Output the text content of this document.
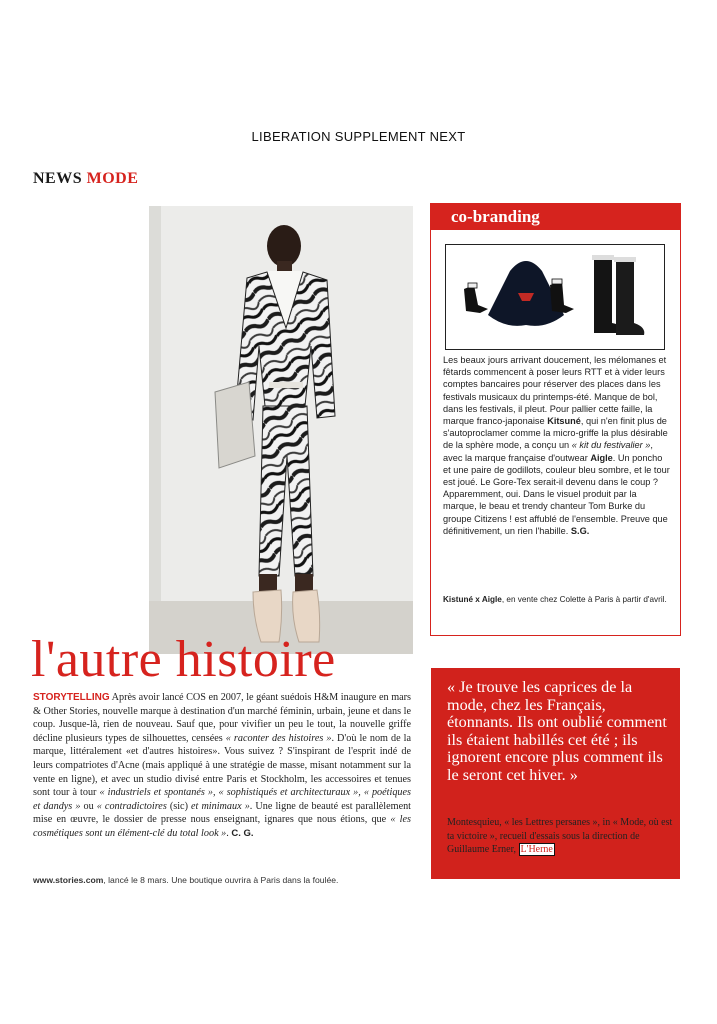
LIBERATION SUPPLEMENT NEXT
NEWS MODE
l'autre histoire

STORYTELLING Après avoir lancé COS en 2007, le géant suédois H&M inaugure en mars & Other Stories, nouvelle marque à destination d'un marché féminin, urbain, jeune et dans le coup. Jusque-là, rien de nouveau. Sauf que, pour vivifier un peu le tout, la nouvelle griffe décline plusieurs types de silhouettes, censées « raconter des histoires ». D'où le nom de la marque, littéralement «et d'autres histoires». Vous suivez ? S'inspirant de l'esprit indé de leurs compatriotes d'Acne (mais appliqué à une stratégie de masse, misant notamment sur la vente en ligne), et avec un studio divisé entre Paris et Stockholm, les accessoires et tenues sont tour à tour « industriels et spontanés », « sophistiqués et architecturaux », « poétiques et dandys » ou « contradictoires (sic) et minimaux ». Une ligne de beauté est parallèlement mise en œuvre, le dossier de presse nous enseignant, ignares que nous étions, que « les cosmétiques sont un élément-clé du total look ». C. G.

www.stories.com, lancé le 8 mars. Une boutique ouvrira à Paris dans la foulée.
co-branding

Les beaux jours arrivant doucement, les mélomanes et fêtards commencent à poser leurs RTT et à vider leurs comptes bancaires pour réserver des places dans les festivals musicaux du printemps-été. Manque de bol, dans les festivals, il pleut. Pour pallier cette faille, la marque franco-japonaise Kitsuné, qui n'en finit plus de s'autoproclamer comme la micro-griffe la plus désirable de la sphère mode, a conçu un « kit du festivalier », avec la marque française d'outwear Aigle. Un poncho et une paire de godillots, couleur bleu sombre, et le tour est joué. Le Gore-Tex serait-il devenu dans le coup ? Apparemment, oui. Dans le visuel produit par la marque, le beau et trendy chanteur Tom Burke du groupe Citizens ! est affublé de l'ensemble. Preuve que définitivement, un rien l'habille. S.G.

Kistuné x Aigle, en vente chez Colette à Paris à partir d'avril.
« Je trouve les caprices de la mode, chez les Français, étonnants. Ils ont oublié comment ils étaient habillés cet été ; ils ignorent encore plus comment ils le seront cet hiver. »
Montesquieu, « les Lettres persanes », in « Mode, où est ta victoire », recueil d'essais sous la direction de Guillaume Erner, L'Herne
